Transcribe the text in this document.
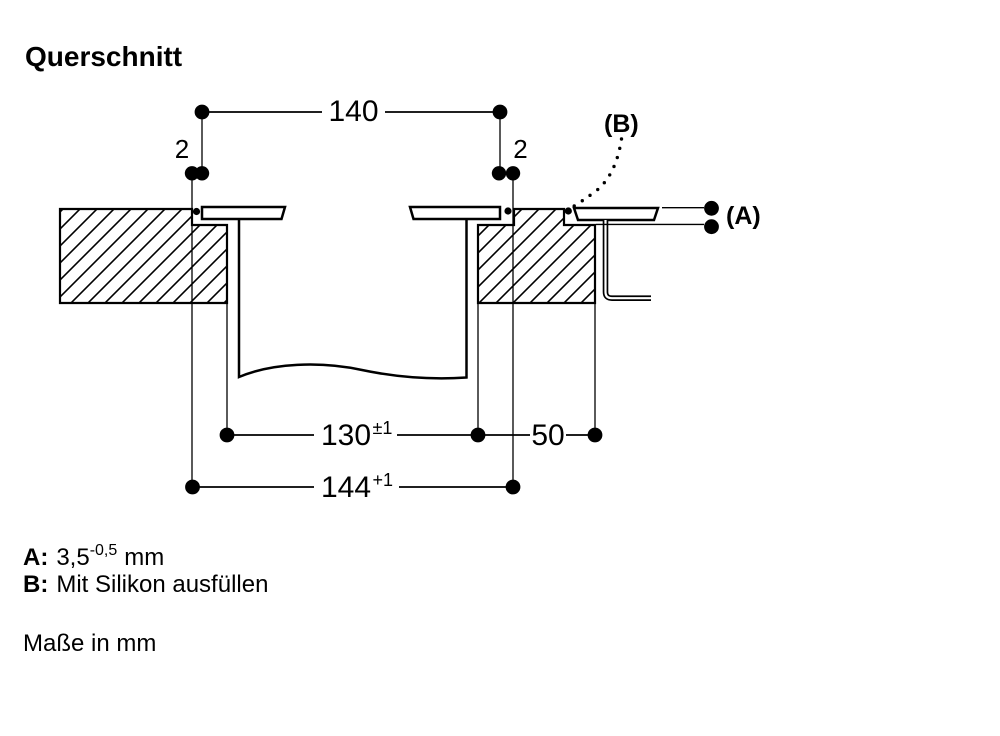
Querschnitt
140
2	2
130 ±1	50
144 +1
(B)
(A)
A: $3,5^{-0,5}$ mm
B: Mit Silikon ausfüllen
Maße in mm
